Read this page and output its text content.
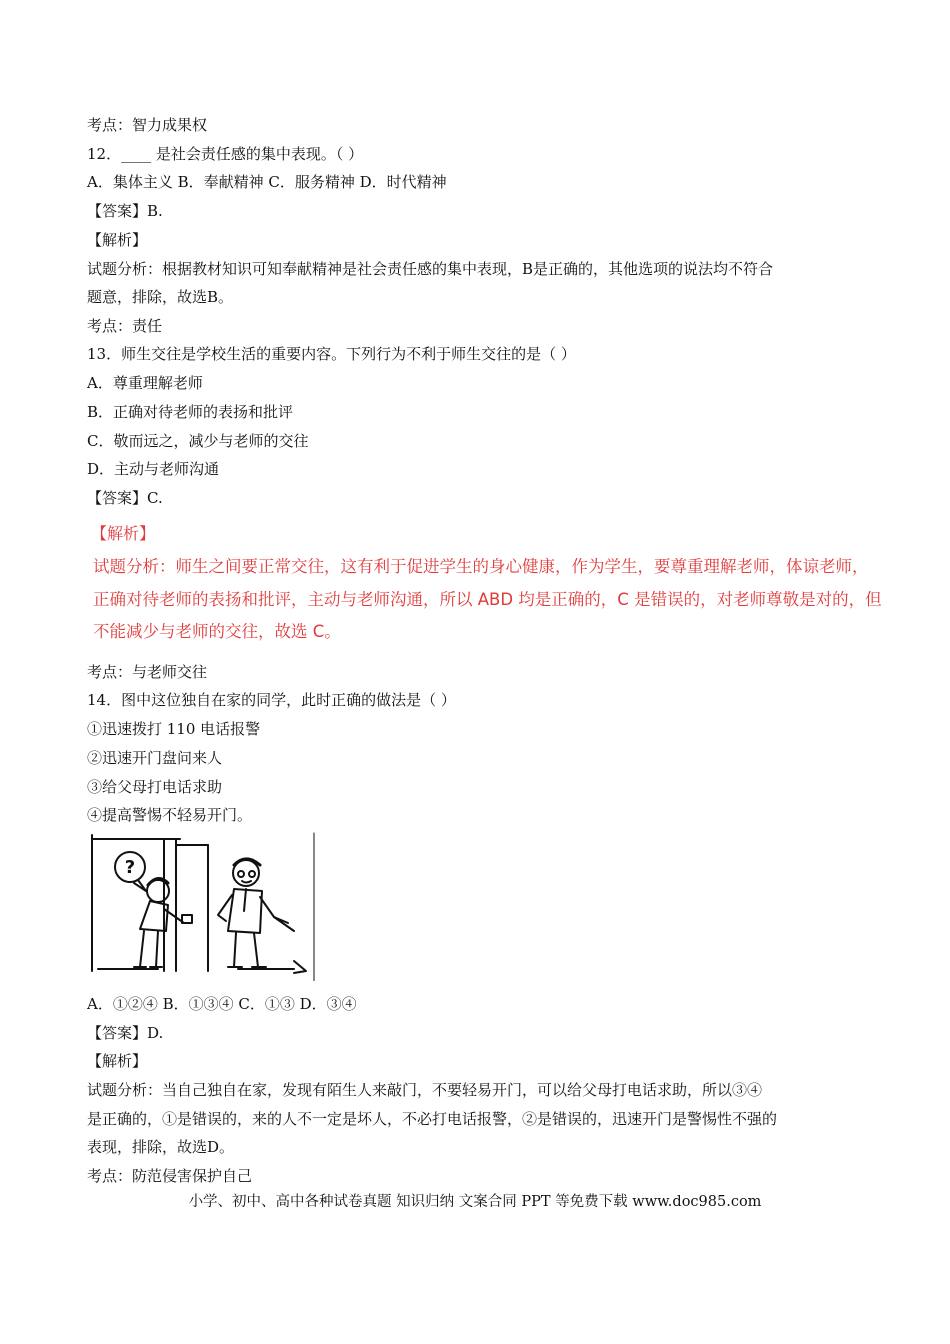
考点：智力成果权
12．____ 是社会责任感的集中表现。（ ）
A．集体主义 B．奉献精神 C．服务精神 D．时代精神
【答案】B.
【解析】
试题分析：根据教材知识可知奉献精神是社会责任感的集中表现，B是正确的，其他选项的说法均不符合
题意，排除，故选B。
考点：责任
13．师生交往是学校生活的重要内容。下列行为不利于师生交往的是（ ）
A．尊重理解老师
B．正确对待老师的表扬和批评
C．敬而远之，减少与老师的交往
D．主动与老师沟通
【答案】C.
【解析】
试题分析：师生之间要正常交往，这有利于促进学生的身心健康，作为学生，要尊重理解老师，体谅老师，
正确对待老师的表扬和批评，主动与老师沟通，所以 ABD 均是正确的，C 是错误的，对老师尊敬是对的，但
不能减少与老师的交往，故选 C。
考点：与老师交往
14．图中这位独自在家的同学，此时正确的做法是（ ）
①迅速拨打 110 电话报警
②迅速开门盘问来人
③给父母打电话求助
④提高警惕不轻易开门。
?
A．①②④ B．①③④ C．①③ D．③④
【答案】D.
【解析】
试题分析：当自己独自在家，发现有陌生人来敲门，不要轻易开门，可以给父母打电话求助，所以③④
是正确的，①是错误的，来的人不一定是坏人，不必打电话报警，②是错误的，迅速开门是警惕性不强的
表现，排除，故选D。
考点：防范侵害保护自己
小学、初中、高中各种试卷真题 知识归纳 文案合同 PPT 等免费下载 www.doc985.com
